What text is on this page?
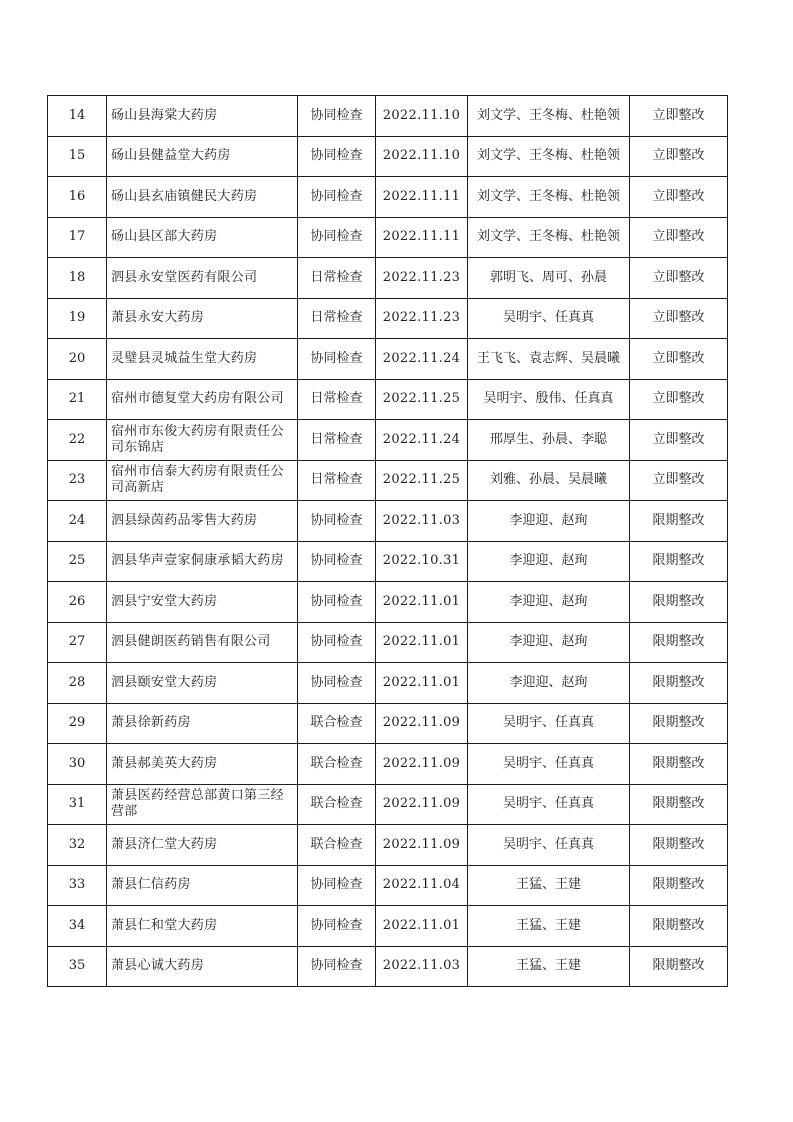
14	砀山县海棠大药房	协同检查	2022.11.10	刘文学、王冬梅、杜艳领	立即整改
15	砀山县健益堂大药房	协同检查	2022.11.10	刘文学、王冬梅、杜艳领	立即整改
16	砀山县玄庙镇健民大药房	协同检查	2022.11.11	刘文学、王冬梅、杜艳领	立即整改
17	砀山县区部大药房	协同检查	2022.11.11	刘文学、王冬梅、杜艳领	立即整改
18	泗县永安堂医药有限公司	日常检查	2022.11.23	郭明飞、周可、孙晨	立即整改
19	萧县永安大药房	日常检查	2022.11.23	吴明宇、任真真	立即整改
20	灵璧县灵城益生堂大药房	协同检查	2022.11.24	王飞飞、袁志辉、吴晨曦	立即整改
21	宿州市德复堂大药房有限公司	日常检查	2022.11.25	吴明宇、殷伟、任真真	立即整改
22	宿州市东俊大药房有限责任公司东锦店	日常检查	2022.11.24	邢厚生、孙晨、李聪	立即整改
23	宿州市信泰大药房有限责任公司高新店	日常检查	2022.11.25	刘雅、孙晨、吴晨曦	立即整改
24	泗县绿茵药品零售大药房	协同检查	2022.11.03	李迎迎、赵珣	限期整改
25	泗县华声壹家侗康承韬大药房	协同检查	2022.10.31	李迎迎、赵珣	限期整改
26	泗县宁安堂大药房	协同检查	2022.11.01	李迎迎、赵珣	限期整改
27	泗县健朗医药销售有限公司	协同检查	2022.11.01	李迎迎、赵珣	限期整改
28	泗县颐安堂大药房	协同检查	2022.11.01	李迎迎、赵珣	限期整改
29	萧县徐新药房	联合检查	2022.11.09	吴明宇、任真真	限期整改
30	萧县郝美英大药房	联合检查	2022.11.09	吴明宇、任真真	限期整改
31	萧县医药经营总部黄口第三经营部	联合检查	2022.11.09	吴明宇、任真真	限期整改
32	萧县济仁堂大药房	联合检查	2022.11.09	吴明宇、任真真	限期整改
33	萧县仁信药房	协同检查	2022.11.04	王猛、王建	限期整改
34	萧县仁和堂大药房	协同检查	2022.11.01	王猛、王建	限期整改
35	萧县心诚大药房	协同检查	2022.11.03	王猛、王建	限期整改
